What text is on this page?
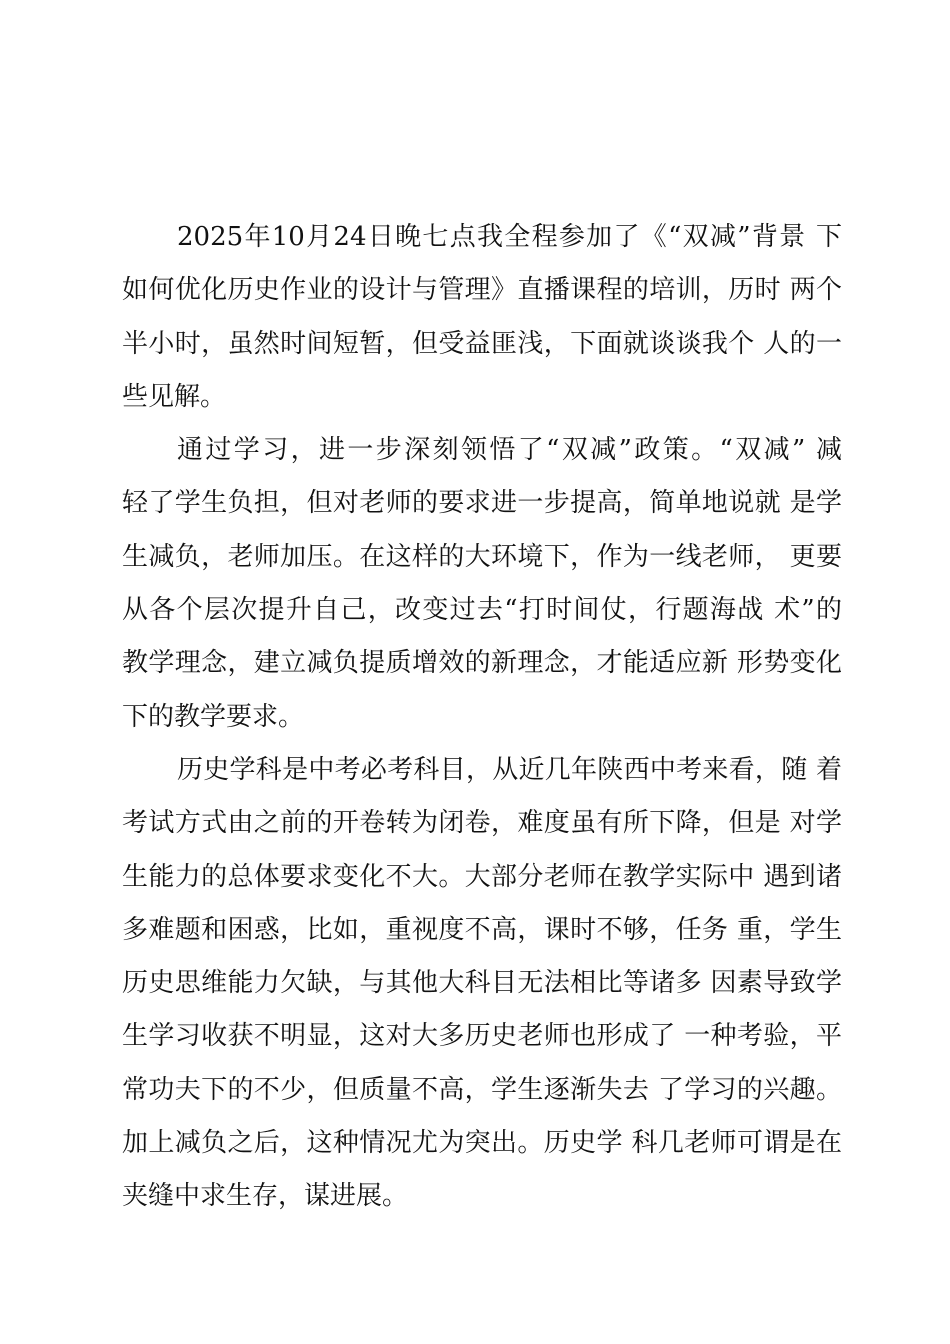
2025年10月24日晚七点我全程参加了《“双减”背景 下
如何优化历史作业的设计与管理》直播课程的培训，历时 两个
半小时，虽然时间短暂，但受益匪浅，下面就谈谈我个 人的一
些见解。
通过学习，进一步深刻领悟了“双减”政策。“双减” 减
轻了学生负担，但对老师的要求进一步提高，简单地说就 是学
生减负，老师加压。在这样的大环境下，作为一线老师， 更要
从各个层次提升自己，改变过去“打时间仗，行题海战 术”的
教学理念，建立减负提质增效的新理念，才能适应新 形势变化
下的教学要求。
历史学科是中考必考科目，从近几年陕西中考来看，随 着
考试方式由之前的开卷转为闭卷，难度虽有所下降，但是 对学
生能力的总体要求变化不大。大部分老师在教学实际中 遇到诸
多难题和困惑，比如，重视度不高，课时不够，任务 重，学生
历史思维能力欠缺，与其他大科目无法相比等诸多 因素导致学
生学习收获不明显，这对大多历史老师也形成了 一种考验，平
常功夫下的不少，但质量不高，学生逐渐失去 了学习的兴趣。
加上减负之后，这种情况尤为突出。历史学 科几老师可谓是在
夹缝中求生存，谋进展。
